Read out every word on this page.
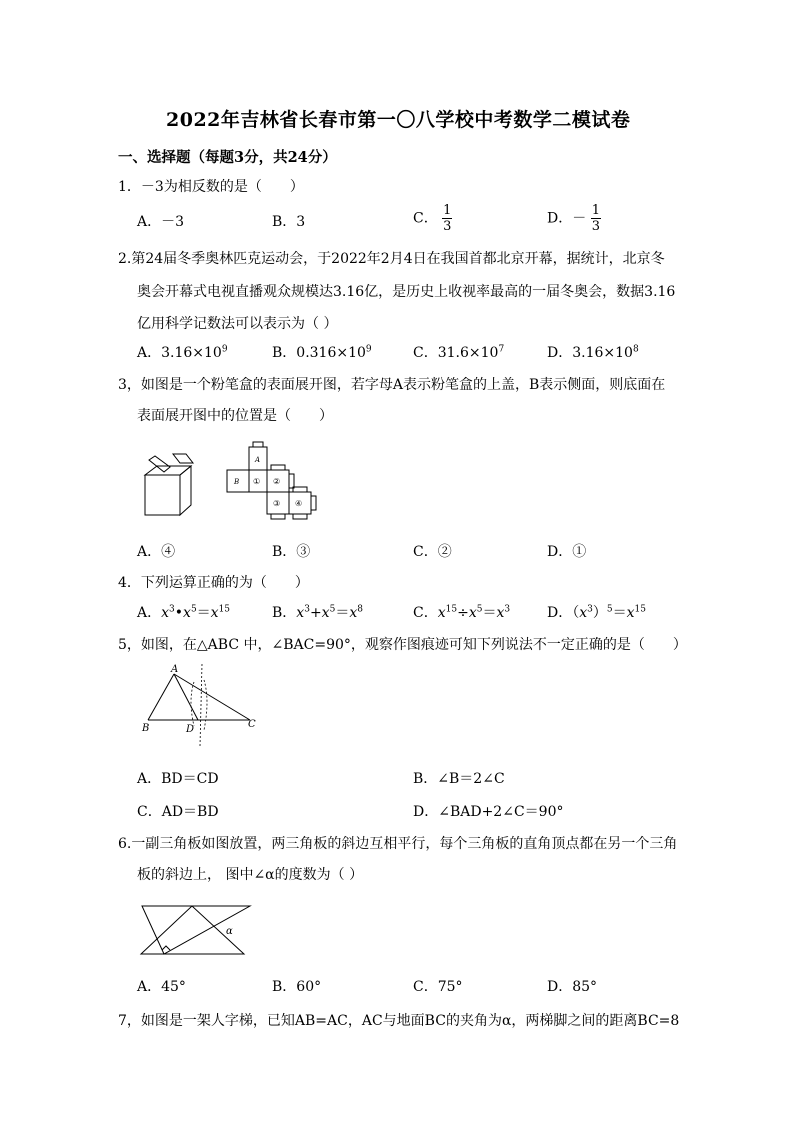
2022年吉林省长春市第一〇八学校中考数学二模试卷
一、选择题（每题3分，共24分）
1．－3为相反数的是（　　）
A．－3	B．3	C． $\frac{1}{3}$	D．－ $\frac{1}{3}$
2.第24届冬季奥林匹克运动会，于2022年2月4日在我国首都北京开幕，据统计，北京冬
奥会开幕式电视直播观众规模达3.16亿，是历史上收视率最高的一届冬奥会，数据3.16
亿用科学记数法可以表示为（ ）
A．$3.16\times 10^9$	B．$0.316\times 10^9$	C．$31.6\times 10^7$	D．$3.16\times 10^8$
3，如图是一个粉笔盒的表面展开图，若字母A表示粉笔盒的上盖，B表示侧面，则底面在
表面展开图中的位置是（　　）
A
B ① ②
③ ④
A．④	B．③	C．②	D．①
4．下列运算正确的为（　　）
A．$x^3•x^5=x^{15}$	B．$x^3+x^5=x^8$	C．$x^{15}\div x^5=x^3$	D．$(x^3)^5=x^{15}$
5，如图，在△ABC 中，∠BAC=90°，观察作图痕迹可知下列说法不一定正确的是（　　）
A
B	D	C
A．BD＝CD	B．∠B＝2∠C
C．AD＝BD	D．∠BAD+2∠C＝90°
6.一副三角板如图放置，两三角板的斜边互相平行，每个三角板的直角顶点都在另一个三角
板的斜边上， 图中∠α的度数为（ ）
α
A．45°	B．60°	C．75°	D．85°
7，如图是一架人字梯，已知AB=AC，AC与地面BC的夹角为α，两梯脚之间的距离BC=8
